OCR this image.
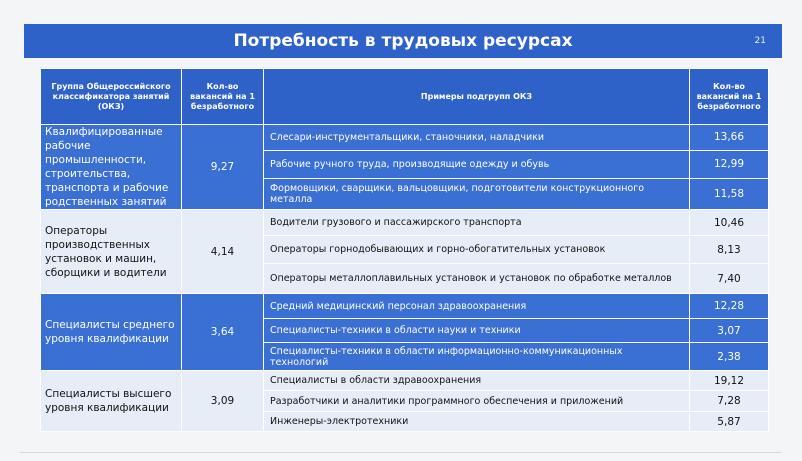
Потребность в трудовых ресурсах	21
Группа Общероссийского классификатора занятий (ОКЗ)	Кол-во вакансий на 1 безработного	Примеры подгрупп ОКЗ	Кол-во вакансий на 1 безработного
Квалифицированные рабочие промышленности, строительства, транспорта и рабочие родственных занятий	9,27	Слесари-инструментальщики, станочники, наладчики	13,66
		Рабочие ручного труда, производящие одежду и обувь	12,99
		Формовщики, сварщики, вальцовщики, подготовители конструкционного металла	11,58
Операторы производственных установок и машин, сборщики и водители	4,14	Водители грузового и пассажирского транспорта	10,46
		Операторы горнодобывающих и горно-обогатительных установок	8,13
		Операторы металлоплавильных установок и установок по обработке металлов	7,40
Специалисты среднего уровня квалификации	3,64	Средний медицинский персонал здравоохранения	12,28
		Специалисты-техники в области науки и техники	3,07
		Специалисты-техники в области информационно-коммуникационных технологий	2,38
Специалисты высшего уровня квалификации	3,09	Специалисты в области здравоохранения	19,12
		Разработчики и аналитики программного обеспечения и приложений	7,28
		Инженеры-электротехники	5,87
